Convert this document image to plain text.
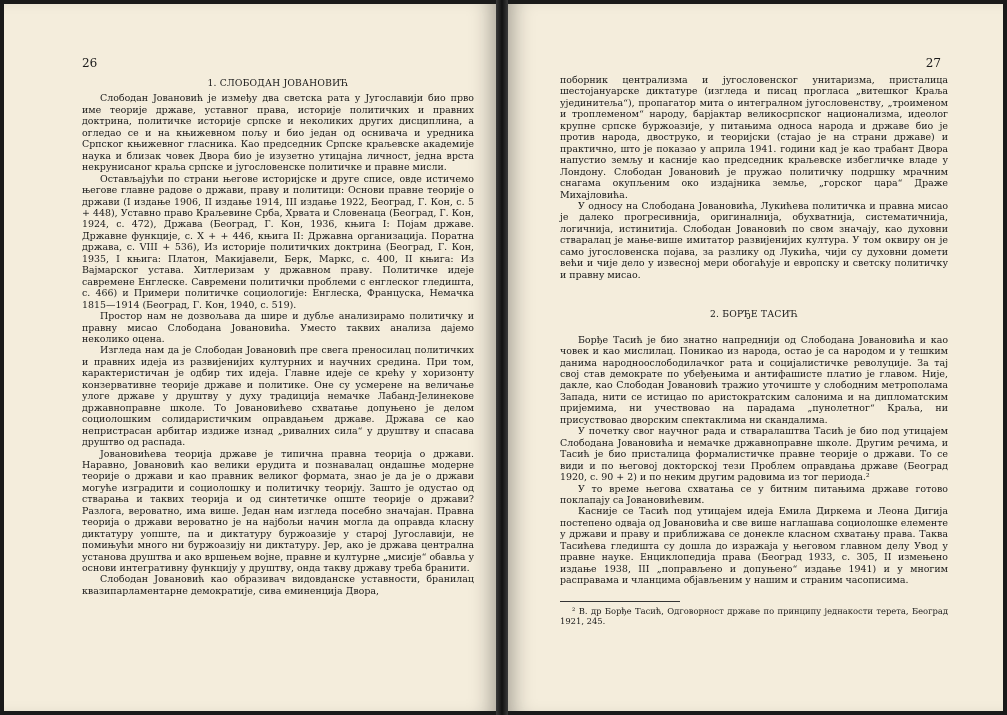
26
1. СЛОБОДАН ЈОВАНОВИЋ

Слободан Јовановић је између два светска рата у Југославији био прво име теорије државе, уставног права, историје политичких и правних доктрина, политичке историје српске и неколиких других дисциплина, а огледао се и на књижевном пољу и био један од оснивача и уредника Српског књижевног гласника. Као председник Српске краљевске академије наука и близак човек Двора био је изузетно утицајна личност, једна врста некрунисаног краља српске и југословенске политичке и правне мисли.

Остављајући по страни његове историјске и друге списе, овде истичемо његове главне радове о држави, праву и политици: Основи правне теорије о држави (I издање 1906, II издање 1914, III издање 1922, Београд, Г. Кон, с. 5 + 448), Уставно право Краљевине Срба, Хрвата и Словенаца (Београд, Г. Кон, 1924, с. 472), Држава (Београд, Г. Кон, 1936, књига I: Појам државе. Државне функције, с. X + + 446, књига II: Државна организација. Поратна држава, с. VIII + 536), Из историје политичких доктрина (Београд, Г. Кон, 1935, I књига: Платон, Макијавели, Берк, Маркс, с. 400, II књига: Из Вајмарског устава. Хитлеризам у државном праву. Политичке идеје савремене Енглеске. Савремени политички проблеми с енглеског гледишта, с. 466) и Примери политичке социологије: Енглеска, Француска, Немачка 1815—1914 (Београд, Г. Кон, 1940, с. 519).

Простор нам не дозвољава да шире и дубље анализирамо политичку и правну мисао Слободана Јовановића. Уместо таквих анализа дајемо неколико оцена.

Изгледа нам да је Слободан Јовановић пре свега преносилац политичких и правних идеја из развијенијих културних и научних средина. При том, карактеристичан је одбир тих идеја. Главне идеје се крећу у хоризонту конзервативне теорије државе и политике. Оне су усмерене на величање улоге државе у друштву у духу традиција немачке Лабанд-Јелинекове државноправне школе. То Јовановићево схватање допуњено је делом социолошким солидаристичким оправдањем државе. Држава се као непристрасан арбитар издиже изнад „ривалних сила“ у друштву и спасава друштво од распада.

Јовановићева теорија државе је типична правна теорија о држави. Наравно, Јовановић као велики ерудита и познавалац ондашње модерне теорије о држави и као правник великог формата, знао је да је о држави могуће изградити и социолошку и политичку теорију. Зашто је одустао од стварања и таквих теорија и од синтетичке опште теорије о држави? Разлога, вероватно, има више. Један нам изгледа посебно значајан. Правна теорија о држави вероватно је на најбољи начин могла да оправда класну диктатуру уопште, па и диктатуру буржоазије у старој Југославији, не помињући много ни буржоазију ни диктатуру. Јер, ако је држава централна установа друштва и ако вршењем војне, правне и културне „мисије“ обавља у основи интегративну функцију у друштву, онда такву државу треба бранити.

Слободан Јовановић као образивач видовданске уставности, бранилац квазипарламентарне демократије, сива еминенција Двора,

27

поборник централизма и југословенског унитаризма, присталица шестојануарске диктатуре (изгледа и писац прогласа „витешког Краља ујединитеља“), пропагатор мита о интегралном југословенству, „троименом и трoплеменом“ народу, барјактар великосрпског национализма, идеолог крупне српске буржоазије, у питањима односа народа и државе био је против народа, двоструко, и теоријски (стајао је на страни државе) и практично, што је показао у априла 1941. години кад је као трабант Двора напустио земљу и касније као председник краљевске избегличке владе у Лондону. Слободан Јовановић је пружао политичку подршку мрачним снагама окупљеним око издајника земље, „горског цара“ Драже Михајловића.

У односу на Слободана Јовановића, Лукићева политичка и правна мисао је далеко прогресивнија, оригиналнија, обухватнија, систематичнија, логичнија, истинитија. Слободан Јовановић по свом значају, као духовни стваралац је мање-више имитатор развијенијих култура. У том оквиру он је само југословенска појава, за разлику од Лукића, чији су духовни домети већи и чије дело у извесној мери обогаћује и европску и светску политичку и правну мисао.

2. БОРЂЕ ТАСИЋ

Борђе Тасић је био знатно напреднији од Слободана Јовановића и као човек и као мислилац. Поникао из народа, остао је са народом и у тешким данима народноослободилачког рата и социјалистичке револуције. За тај свој став демократе по убеђењима и антифашисте платио је главом. Није, дакле, као Слободан Јовановић тражио уточиште у слободним метрополама Запада, нити се истицао по аристократским салонима и на дипломатским пријемима, ни учествовао на парадама „пунолетног“ Краља, ни присуствовао дворским спектаклима ни скандалима.

У почетку свог научног рада и стваралаштва Тасић је био под утицајем Слободана Јовановића и немачке државноправне школе. Другим речима, и Тасић је био присталица формалистичке правне теорије о држави. То се види и по његовој докторској тези Проблем оправдања државе (Београд 1920, с. 90 + 2) и по неким другим радовима из тог периода.²

У то време његова схватања се у битним питањима државе готово поклапају са Јовановићевим.

Касније се Тасић под утицајем идеја Емила Диркема и Леона Дигија постепено одваја од Јовановића и све више наглашава социолошке елементе у држави и праву и приближава се донекле класном схватању права. Таква Тасићева гледишта су дошла до изражаја у његовом главном делу Увод у правне науке. Енциклопедија права (Београд 1933, с. 305, II измењено издање 1938, III „поправљено и допуњено“ издање 1941) и у многим расправама и чланцима објављеним у нашим и страним часописима.

² В. др Борђе Тасић, Одговорност државе по принципу једнакости терета, Београд 1921, 245.
